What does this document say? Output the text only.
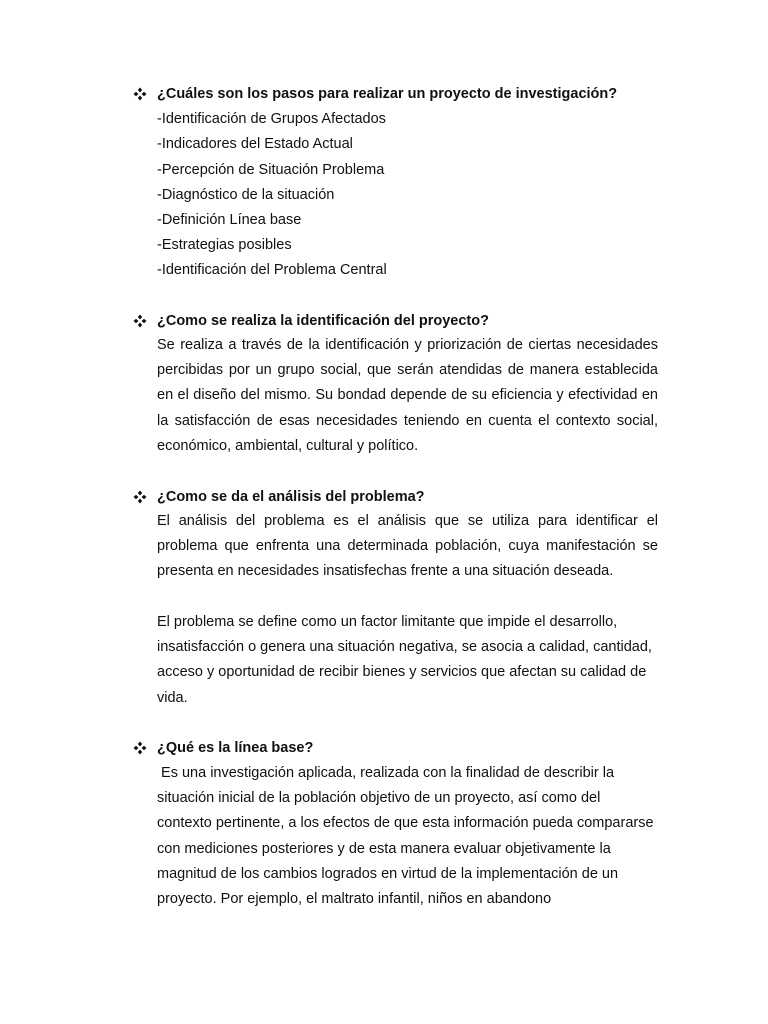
¿Cuáles son los pasos para realizar un proyecto de investigación?
-Identificación de Grupos Afectados
-Indicadores del Estado Actual
-Percepción de Situación Problema
-Diagnóstico de la situación
-Definición Línea base
-Estrategias posibles
-Identificación del Problema Central
¿Como se realiza la identificación del proyecto?
Se realiza a través de la identificación y priorización de ciertas necesidades percibidas por un grupo social, que serán atendidas de manera establecida en el diseño del mismo. Su bondad depende de su eficiencia y efectividad en la satisfacción de esas necesidades teniendo en cuenta el contexto social, económico, ambiental, cultural y político.
¿Como se da el análisis del problema?
El análisis del problema es el análisis que se utiliza para identificar el problema que enfrenta una determinada población, cuya manifestación se presenta en necesidades insatisfechas frente a una situación deseada.
El problema se define como un factor limitante que impide el desarrollo, insatisfacción o genera una situación negativa, se asocia a calidad, cantidad, acceso y oportunidad de recibir bienes y servicios que afectan su calidad de vida.
¿Qué es la línea base?
Es una investigación aplicada, realizada con la finalidad de describir la situación inicial de la población objetivo de un proyecto, así como del contexto pertinente, a los efectos de que esta información pueda compararse con mediciones posteriores y de esta manera evaluar objetivamente la magnitud de los cambios logrados en virtud de la implementación de un proyecto. Por ejemplo, el maltrato infantil, niños en abandono
